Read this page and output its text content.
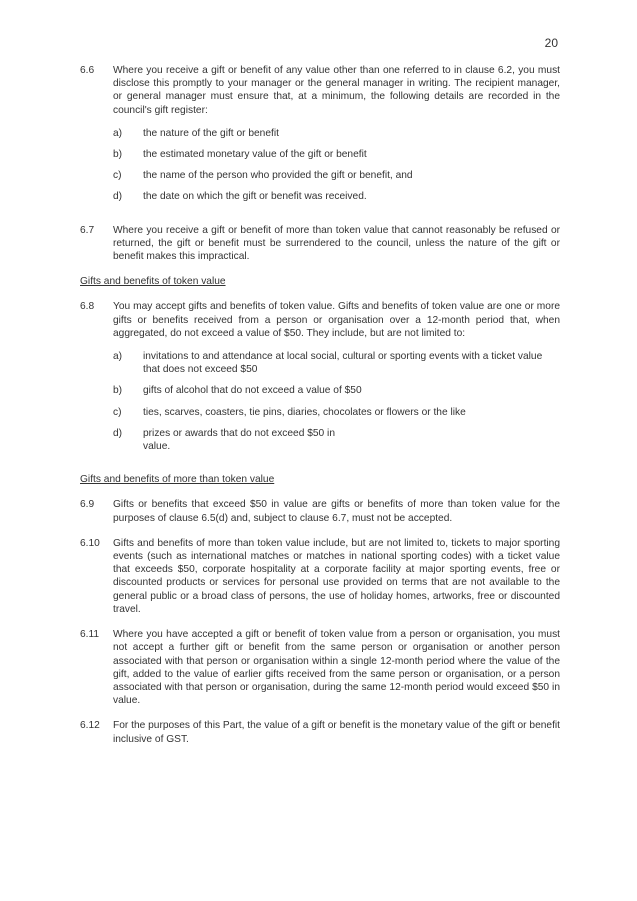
20
6.6	Where you receive a gift or benefit of any value other than one referred to in clause 6.2, you must disclose this promptly to your manager or the general manager in writing. The recipient manager, or general manager must ensure that, at a minimum, the following details are recorded in the council's gift register:
a)	the nature of the gift or benefit
b)	the estimated monetary value of the gift or benefit
c)	the name of the person who provided the gift or benefit, and
d)	the date on which the gift or benefit was received.
6.7	Where you receive a gift or benefit of more than token value that cannot reasonably be refused or returned, the gift or benefit must be surrendered to the council, unless the nature of the gift or benefit makes this impractical.
Gifts and benefits of token value
6.8	You may accept gifts and benefits of token value. Gifts and benefits of token value are one or more gifts or benefits received from a person or organisation over a 12-month period that, when aggregated, do not exceed a value of $50. They include, but are not limited to:
a)	invitations to and attendance at local social, cultural or sporting events with a ticket value that does not exceed $50
b)	gifts of alcohol that do not exceed a value of $50
c)	ties, scarves, coasters, tie pins, diaries, chocolates or flowers or the like
d)	prizes or awards that do not exceed $50 in value.
Gifts and benefits of more than token value
6.9	Gifts or benefits that exceed $50 in value are gifts or benefits of more than token value for the purposes of clause 6.5(d) and, subject to clause 6.7, must not be accepted.
6.10	Gifts and benefits of more than token value include, but are not limited to, tickets to major sporting events (such as international matches or matches in national sporting codes) with a ticket value that exceeds $50, corporate hospitality at a corporate facility at major sporting events, free or discounted products or services for personal use provided on terms that are not available to the general public or a broad class of persons, the use of holiday homes, artworks, free or discounted travel.
6.11	Where you have accepted a gift or benefit of token value from a person or organisation, you must not accept a further gift or benefit from the same person or organisation or another person associated with that person or organisation within a single 12-month period where the value of the gift, added to the value of earlier gifts received from the same person or organisation, or a person associated with that person or organisation, during the same 12-month period would exceed $50 in value.
6.12	For the purposes of this Part, the value of a gift or benefit is the monetary value of the gift or benefit inclusive of GST.
